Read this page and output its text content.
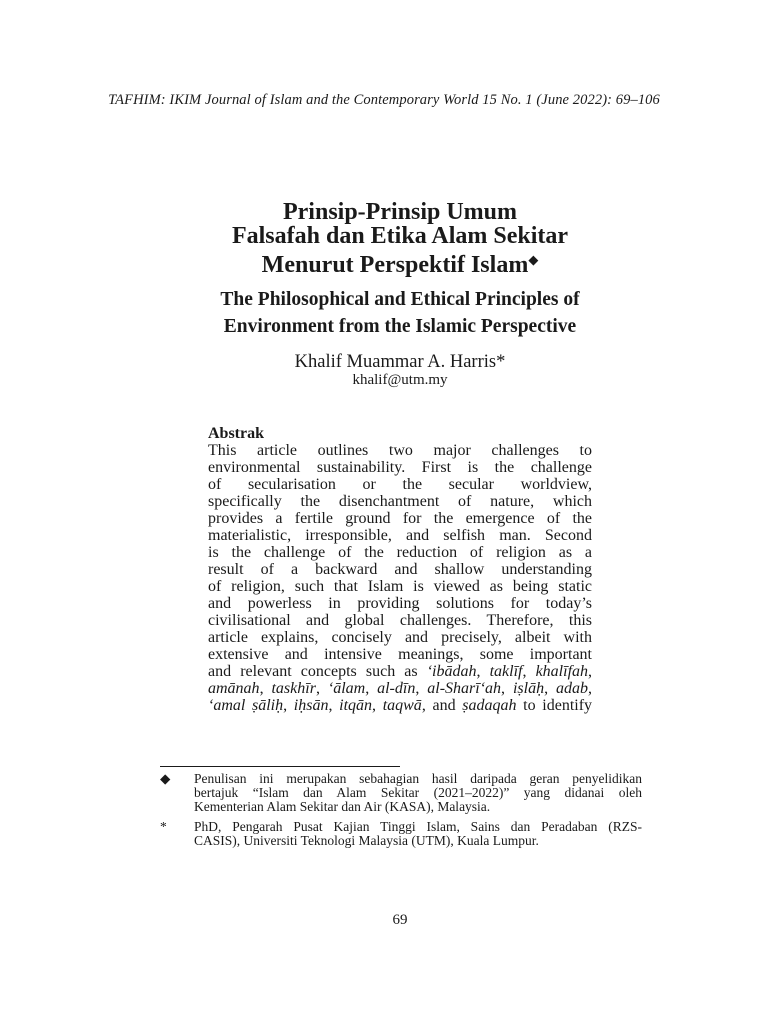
TAFHIM: IKIM Journal of Islam and the Contemporary World 15 No. 1 (June 2022): 69–106
Prinsip-Prinsip Umum
Falsafah dan Etika Alam Sekitar
Menurut Perspektif Islam◆
The Philosophical and Ethical Principles of
Environment from the Islamic Perspective
Khalif Muammar A. Harris*
khalif@utm.my
Abstrak
This article outlines two major challenges to
environmental sustainability. First is the challenge
of secularisation or the secular worldview,
specifically the disenchantment of nature, which
provides a fertile ground for the emergence of the
materialistic, irresponsible, and selfish man. Second
is the challenge of the reduction of religion as a
result of a backward and shallow understanding
of religion, such that Islam is viewed as being static
and powerless in providing solutions for today’s
civilisational and global challenges. Therefore, this
article explains, concisely and precisely, albeit with
extensive and intensive meanings, some important
and relevant concepts such as ‘ibādah, taklīf, khalīfah,
amānah, taskhīr, ‘ālam, al-dīn, al-Sharī‘ah, iṣlāḥ, adab,
‘amal ṣāliḥ, iḥsān, itqān, taqwā, and ṣadaqah to identify
◆	Penulisan ini merupakan sebahagian hasil daripada geran penyelidikan
bertajuk “Islam dan Alam Sekitar (2021–2022)” yang didanai oleh
Kementerian Alam Sekitar dan Air (KASA), Malaysia.
*	PhD, Pengarah Pusat Kajian Tinggi Islam, Sains dan Peradaban (RZS-
CASIS), Universiti Teknologi Malaysia (UTM), Kuala Lumpur.
69
